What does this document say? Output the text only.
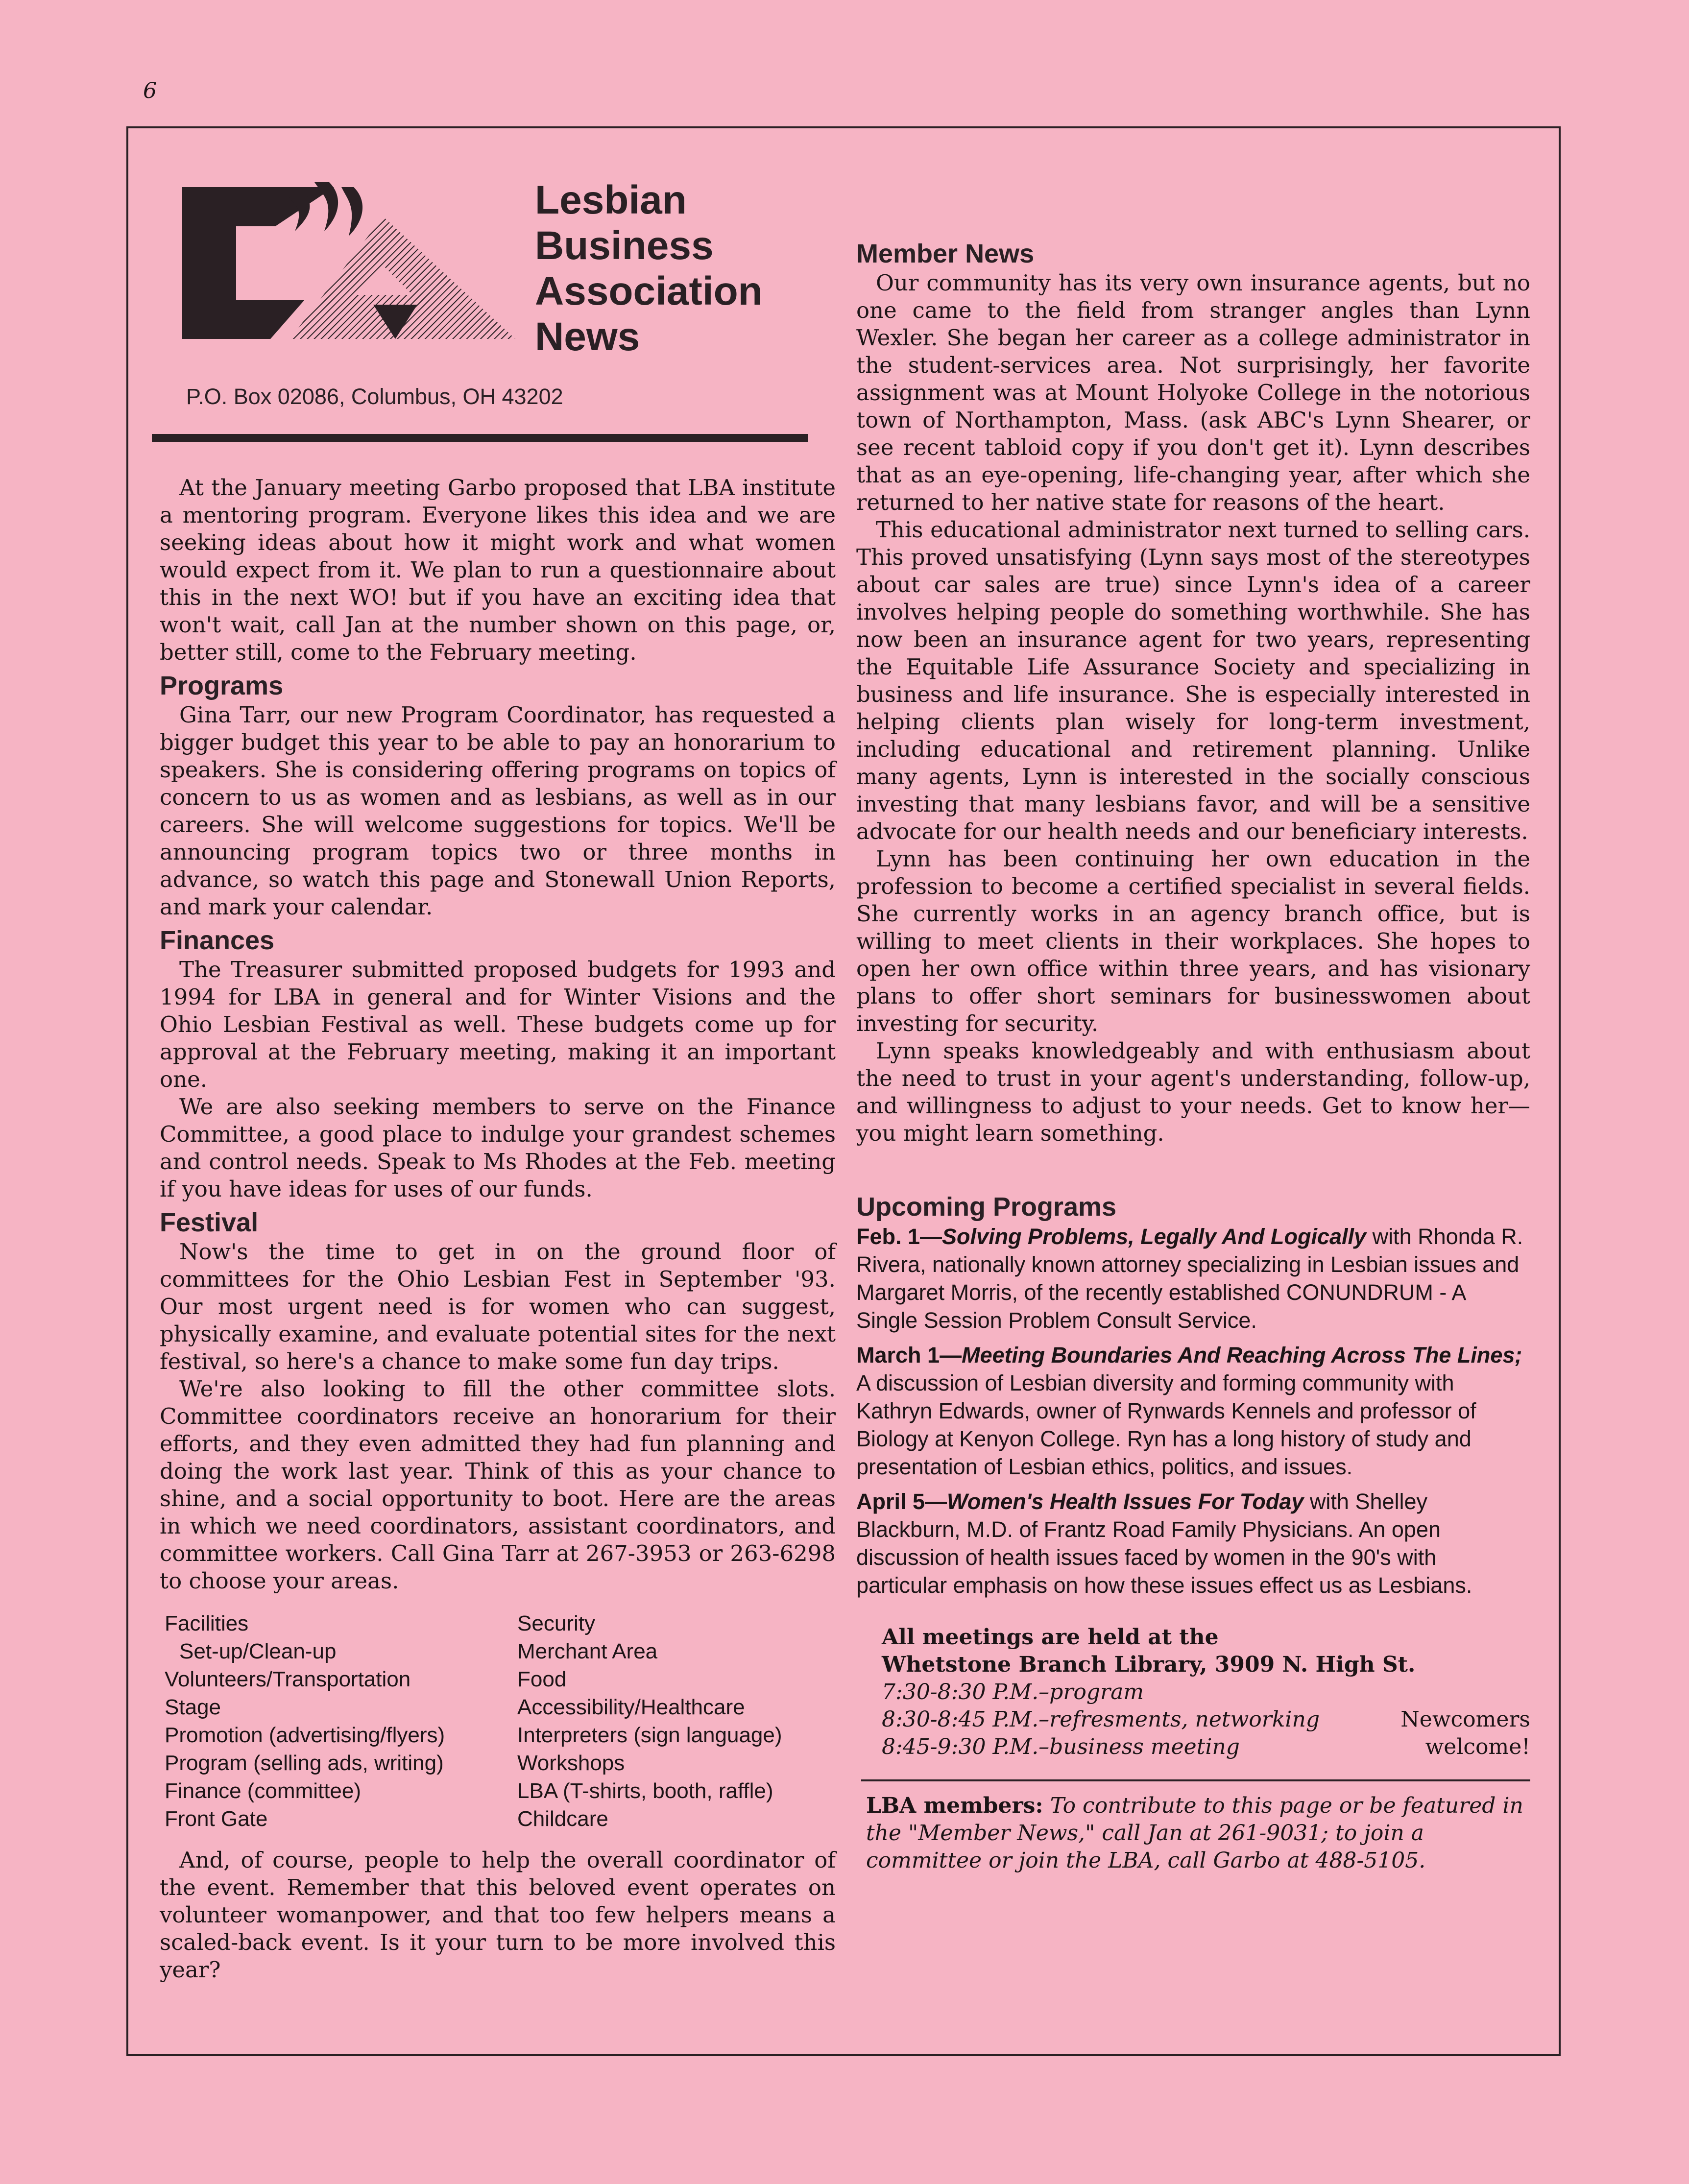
6
Lesbian
Business
Association
News
P.O. Box 02086, Columbus, OH 43202

At the January meeting Garbo proposed that LBA institute a mentoring program. Everyone likes this idea and we are seeking ideas about how it might work and what women would expect from it. We plan to run a questionnaire about this in the next WO! but if you have an exciting idea that won't wait, call Jan at the number shown on this page, or, better still, come to the February meeting.

Programs

Gina Tarr, our new Program Coordinator, has requested a bigger budget this year to be able to pay an honorarium to speakers. She is considering offering programs on topics of concern to us as women and as lesbians, as well as in our careers. She will welcome suggestions for topics. We'll be announcing program topics two or three months in advance, so watch this page and Stonewall Union Reports, and mark your calendar.

Finances

The Treasurer submitted proposed budgets for 1993 and 1994 for LBA in general and for Winter Visions and the Ohio Lesbian Festival as well. These budgets come up for approval at the February meeting, making it an important one.

We are also seeking members to serve on the Finance Committee, a good place to indulge your grandest schemes and control needs. Speak to Ms Rhodes at the Feb. meeting if you have ideas for uses of our funds.

Festival

Now's the time to get in on the ground floor of committees for the Ohio Lesbian Fest in September '93. Our most urgent need is for women who can suggest, physically examine, and evaluate potential sites for the next festival, so here's a chance to make some fun day trips.

We're also looking to fill the other committee slots. Committee coordinators receive an honorarium for their efforts, and they even admitted they had fun planning and doing the work last year. Think of this as your chance to shine, and a social opportunity to boot. Here are the areas in which we need coordinators, assistant coordinators, and committee workers. Call Gina Tarr at 267-3953 or 263-6298 to choose your areas.

Facilities
Set-up/Clean-up
Volunteers/Transportation
Stage
Promotion (advertising/flyers)
Program (selling ads, writing)
Finance (committee)
Front Gate
Security
Merchant Area
Food
Accessibility/Healthcare
Interpreters (sign language)
Workshops
LBA (T-shirts, booth, raffle)
Childcare

And, of course, people to help the overall coordinator of the event. Remember that this beloved event operates on volunteer womanpower, and that too few helpers means a scaled-back event. Is it your turn to be more involved this year?

Member News

Our community has its very own insurance agents, but no one came to the field from stranger angles than Lynn Wexler. She began her career as a college administrator in the student-services area. Not surprisingly, her favorite assignment was at Mount Holyoke College in the notorious town of Northampton, Mass. (ask ABC's Lynn Shearer, or see recent tabloid copy if you don't get it). Lynn describes that as an eye-opening, life-changing year, after which she returned to her native state for reasons of the heart.

This educational administrator next turned to selling cars. This proved unsatisfying (Lynn says most of the stereotypes about car sales are true) since Lynn's idea of a career involves helping people do something worthwhile. She has now been an insurance agent for two years, representing the Equitable Life Assurance Society and specializing in business and life insurance. She is especially interested in helping clients plan wisely for long-term investment, including educational and retirement planning. Unlike many agents, Lynn is interested in the socially conscious investing that many lesbians favor, and will be a sensitive advocate for our health needs and our beneficiary interests.

Lynn has been continuing her own education in the profession to become a certified specialist in several fields. She currently works in an agency branch office, but is willing to meet clients in their workplaces. She hopes to open her own office within three years, and has visionary plans to offer short seminars for businesswomen about investing for security.

Lynn speaks knowledgeably and with enthusiasm about the need to trust in your agent's understanding, follow-up, and willingness to adjust to your needs. Get to know her—you might learn something.

Upcoming Programs
Feb. 1—Solving Problems, Legally And Logically with Rhonda R. Rivera, nationally known attorney specializing in Lesbian issues and Margaret Morris, of the recently established CONUNDRUM - A Single Session Problem Consult Service.
March 1—Meeting Boundaries And Reaching Across The Lines; A discussion of Lesbian diversity and forming community with Kathryn Edwards, owner of Rynwards Kennels and professor of Biology at Kenyon College. Ryn has a long history of study and presentation of Lesbian ethics, politics, and issues.
April 5—Women's Health Issues For Today with Shelley Blackburn, M.D. of Frantz Road Family Physicians. An open discussion of health issues faced by women in the 90's with particular emphasis on how these issues effect us as Lesbians.
All meetings are held at the
Whetstone Branch Library, 3909 N. High St.
7:30-8:30 P.M.–program
8:30-8:45 P.M.–refresments, networking	Newcomers
8:45-9:30 P.M.–business meeting	welcome!
LBA members: To contribute to this page or be featured in the "Member News," call Jan at 261-9031; to join a committee or join the LBA, call Garbo at 488-5105.
